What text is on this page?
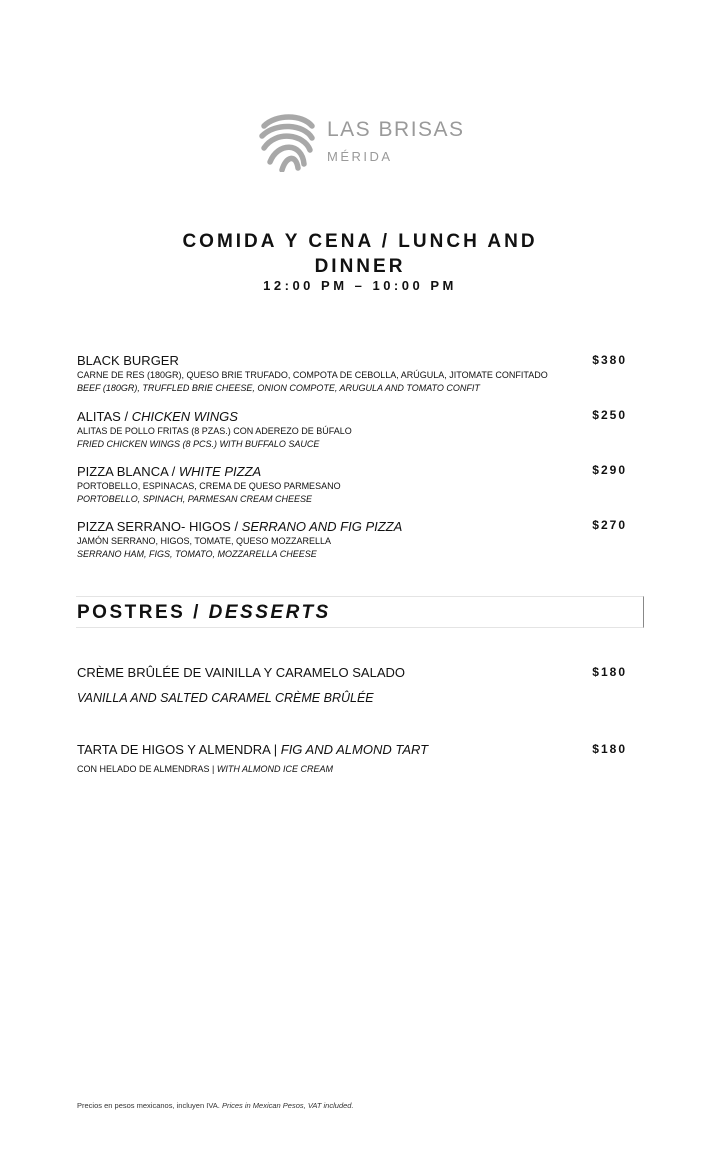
LAS BRISAS
MÉRIDA
COMIDA Y CENA / LUNCH AND DINNER
12:00 PM – 10:00 PM
BLACK BURGER
CARNE DE RES (180GR), QUESO BRIE TRUFADO, COMPOTA DE CEBOLLA, ARÚGULA, JITOMATE CONFITADO
BEEF (180GR), TRUFFLED BRIE CHEESE, ONION COMPOTE, ARUGULA AND TOMATO CONFIT
$380
ALITAS / CHICKEN WINGS
ALITAS DE POLLO FRITAS (8 PZAS.) CON ADEREZO DE BÚFALO
FRIED CHICKEN WINGS (8 PCS.) WITH BUFFALO SAUCE
$250
PIZZA BLANCA / WHITE PIZZA
PORTOBELLO, ESPINACAS, CREMA DE QUESO PARMESANO
PORTOBELLO, SPINACH, PARMESAN CREAM CHEESE
$290
PIZZA SERRANO- HIGOS / SERRANO AND FIG PIZZA
JAMÓN SERRANO, HIGOS, TOMATE, QUESO MOZZARELLA
SERRANO HAM, FIGS, TOMATO, MOZZARELLA CHEESE
$270
POSTRES / DESSERTS
CRÈME BRÛLÉE DE VAINILLA Y CARAMELO SALADO
VANILLA AND SALTED CARAMEL CRÈME BRÛLÉE
$180
TARTA DE HIGOS Y ALMENDRA | FIG AND ALMOND TART
CON HELADO DE ALMENDRAS | WITH ALMOND ICE CREAM
$180
Precios en pesos mexicanos, incluyen IVA. Prices in Mexican Pesos, VAT included.
